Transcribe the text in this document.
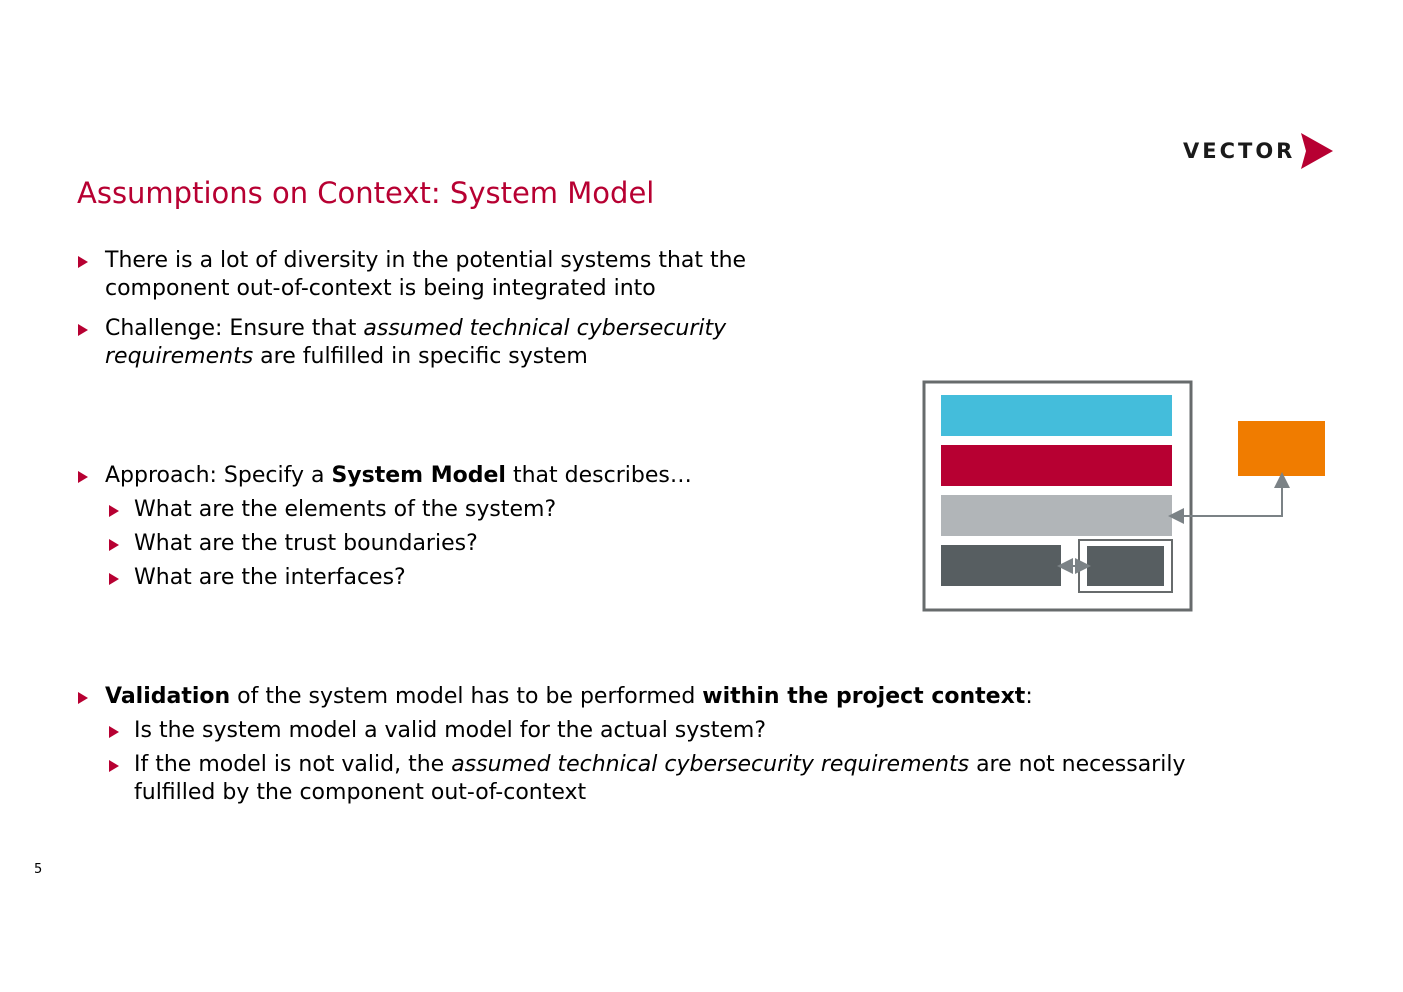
VECTOR
Assumptions on Context: System Model
There is a lot of diversity in the potential systems that the
component out-of-context is being integrated into
Challenge: Ensure that assumed technical cybersecurity
requirements are fulfilled in specific system
Approach: Specify a System Model that describes…
What are the elements of the system?
What are the trust boundaries?
What are the interfaces?
Validation of the system model has to be performed within the project context:
Is the system model a valid model for the actual system?
If the model is not valid, the assumed technical cybersecurity requirements are not necessarily
fulfilled by the component out-of-context
5
